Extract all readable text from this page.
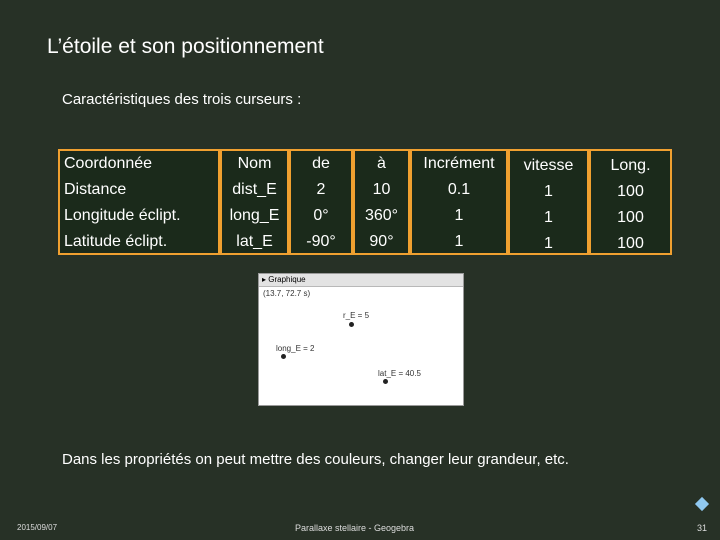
L’étoile et son positionnement
Caractéristiques des trois curseurs :
Coordonnée
Distance
Longitude éclipt.
Latitude éclipt.
Nom
dist_E
long_E
lat_E
de
2
0°
-90°
à
10
360°
90°
Incrément
0.1
1
1
vitesse
1
1
1
Long.
100
100
100
▸ Graphique
(13.7, 72.7 s)
r_E = 5
long_E = 2
lat_E = 40.5
Dans les propriétés on peut mettre des couleurs, changer leur grandeur, etc.
2015/09/07	Parallaxe stellaire - Geogebra	31
